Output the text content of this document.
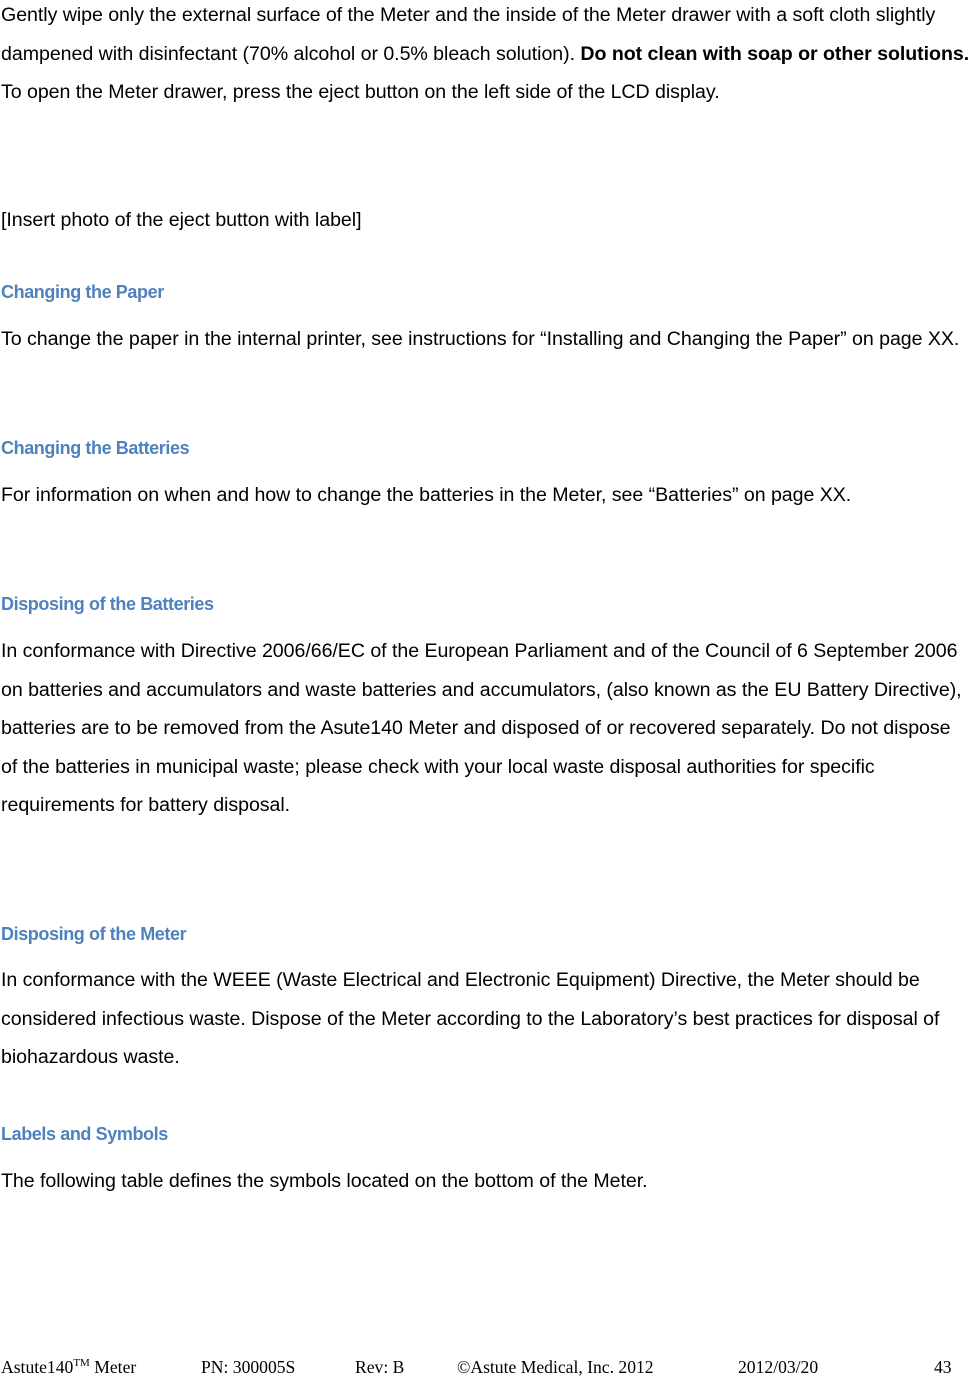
Gently wipe only the external surface of the Meter and the inside of the Meter drawer with a soft cloth slightly dampened with disinfectant (70% alcohol or 0.5% bleach solution). Do not clean with soap or other solutions. To open the Meter drawer, press the eject button on the left side of the LCD display.

[Insert photo of the eject button with label]

Changing the Paper

To change the paper in the internal printer, see instructions for “Installing and Changing the Paper” on page XX.

Changing the Batteries

For information on when and how to change the batteries in the Meter, see “Batteries” on page XX.

Disposing of the Batteries

In conformance with Directive 2006/66/EC of the European Parliament and of the Council of 6 September 2006 on batteries and accumulators and waste batteries and accumulators, (also known as the EU Battery Directive), batteries are to be removed from the Asute140 Meter and disposed of or recovered separately. Do not dispose of the batteries in municipal waste; please check with your local waste disposal authorities for specific requirements for battery disposal.

Disposing of the Meter

In conformance with the WEEE (Waste Electrical and Electronic Equipment) Directive, the Meter should be considered infectious waste. Dispose of the Meter according to the Laboratory’s best practices for disposal of biohazardous waste.

Labels and Symbols

The following table defines the symbols located on the bottom of the Meter.

Astute140™ Meter	PN: 300005S	Rev: B	©Astute Medical, Inc. 2012	2012/03/20	43
